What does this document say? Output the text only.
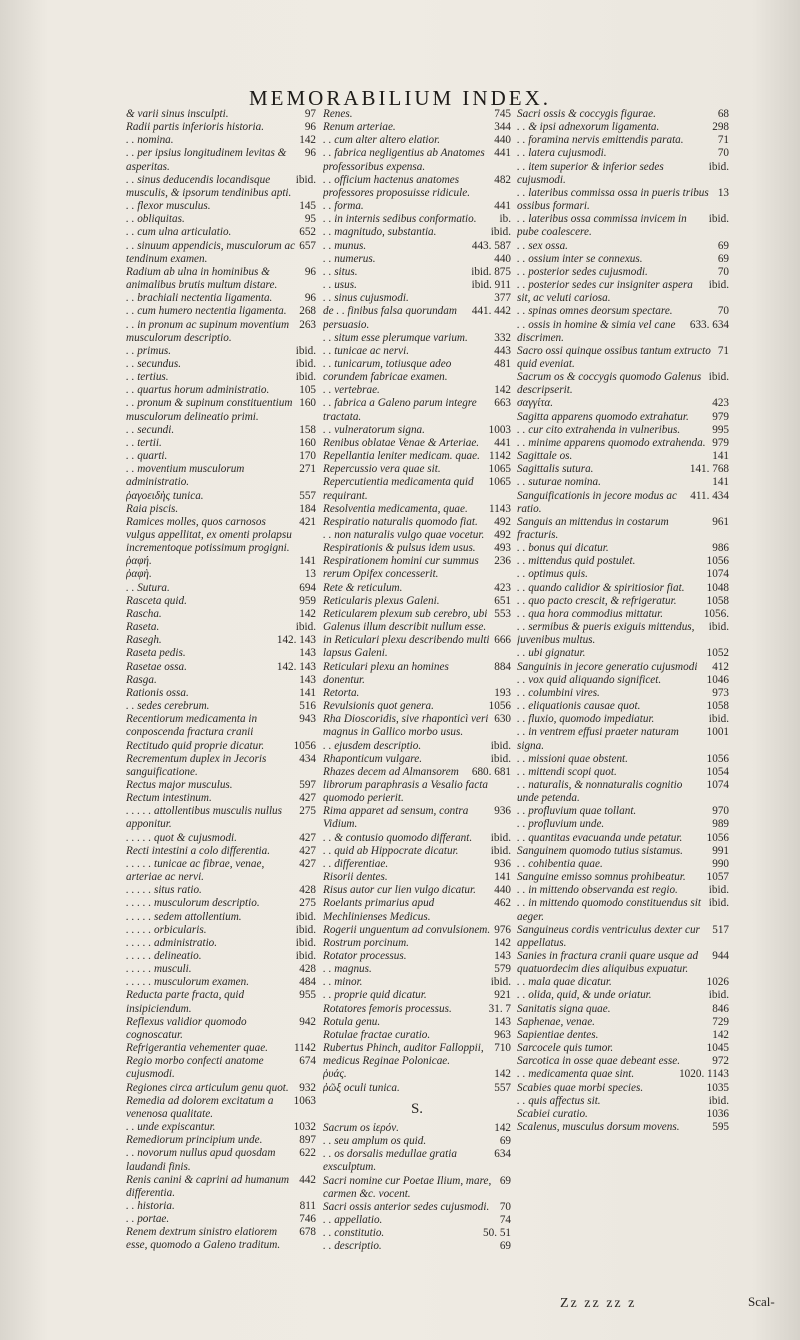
MEMORABILIUM INDEX.
97
& varii sinus insculpti.
96
Radii partis inferioris historia.
142
. . nomina.
96
. . per ipsius longitudinem levitas & asperitas.
ibid.
. . sinus deducendis locandisque musculis, & ipsorum tendinibus apti.
145
. . flexor musculus.
95
. . obliquitas.
652
. . cum ulna articulatio.
657
. . sinuum appendicis, musculorum ac tendinum examen.
96
Radium ab ulna in hominibus & animalibus brutis multum distare.
96
. . brachiali nectentia ligamenta.
268
. . cum humero nectentia ligamenta.
263
. . in pronum ac supinum moventium musculorum descriptio.
ibid.
. . primus.
ibid.
. . secundus.
ibid.
. . tertius.
105
. . quartus horum administratio.
160
. . pronum & supinum constituentium musculorum delineatio primi.
158
. . secundi.
160
. . tertii.
170
. . quarti.
271
. . moventium musculorum administratio.
557
ῥαγοειδὴς tunica.
184
Raia piscis.
421
Ramices molles, quos carnosos vulgus appellitat, ex omenti prolapsu incrementoque potissimum progigni.
141
ῥαφή.
13
ῥαφὴ.
694
. . Sutura.
959
Rasceta quid.
142
Rascha.
ibid.
Raseta.
142. 143
Rasegh.
143
Raseta pedis.
142. 143
Rasetae ossa.
143
Rasga.
141
Rationis ossa.
516
. . sedes cerebrum.
943
Recentiorum medicamenta in conposcenda fractura cranii
1056
Rectitudo quid proprie dicatur.
434
Recrementum duplex in Jecoris sanguificatione.
597
Rectus major musculus.
427
Rectum intestinum.
275
. . . . . attollentibus musculis nullus apponitur.
427
. . . . . quot & cujusmodi.
427
Recti intestini a colo differentia.
427
. . . . . tunicae ac fibrae, venae, arteriae ac nervi.
428
. . . . . situs ratio.
275
. . . . . musculorum descriptio.
ibid.
. . . . . sedem attollentium.
ibid.
. . . . . orbicularis.
ibid.
. . . . . administratio.
ibid.
. . . . . delineatio.
428
. . . . . musculi.
484
. . . . . musculorum examen.
955
Reducta parte fracta, quid insipiciendum.
942
Reflexus validior quomodo cognoscatur.
1142
Refrigerantia vehementer quae.
674
Regio morbo confecti anatome cujusmodi.
932
Regiones circa articulum genu quot.
1063
Remedia ad dolorem excitatum a venenosa qualitate.
1032
. . unde expiscantur.
897
Remediorum principium unde.
622
. . novorum nullus apud quosdam laudandi finis.
442
Renis canini & caprini ad humanum differentia.
811
. . historia.
746
. . portae.
678
Renem dextrum sinistro elatiorem esse, quomodo a Galeno traditum.
745
Renes.
344
Renum arteriae.
440
. . cum alter altero elatior.
441
. . fabrica negligentius ab Anatomes professoribus expensa.
482
. . officium hactenus anatomes professores proposuisse ridicule.
441
. . forma.
ib.
. . in internis sedibus conformatio.
ibid.
. . magnitudo, substantia.
443. 587
. . munus.
440
. . numerus.
ibid. 875
. . situs.
ibid. 911
. . usus.
377
. . sinus cujusmodi.
441. 442
de . . finibus falsa quorundam persuasio.
332
. . situm esse plerumque varium.
443
. . tunicae ac nervi.
481
. . tunicarum, totiusque adeo corundem fabricae examen.
142
. . vertebrae.
663
. . fabrica a Galeno parum integre tractata.
1003
. . vulneratorum signa.
441
Renibus oblatae Venae & Arteriae.
1142
Repellantia leniter medicam. quae.
1065
Repercussio vera quae sit.
1065
Repercutientia medicamenta quid requirant.
1143
Resolventia medicamenta, quae.
492
Respiratio naturalis quomodo fiat.
492
. . non naturalis vulgo quae vocetur.
493
Respirationis & pulsus idem usus.
236
Respirationem homini cur summus rerum Opifex concesserit.
423
Rete & reticulum.
651
Reticularis plexus Galeni.
553
Reticularem plexum sub cerebro, ubi Galenus illum describit nullum esse.
666
in Reticulari plexu describendo multi lapsus Galeni.
884
Reticulari plexu an homines donentur.
193
Retorta.
1056
Revulsionis quot genera.
630
Rha Dioscoridis, sive rhaponticì veri magnus in Gallico morbo usus.
ibid.
. . ejusdem descriptio.
ibid.
Rhaponticum vulgare.
680. 681
Rhazes decem ad Almansorem librorum paraphrasis a Vesalio facta quomodo perierit.
936
Rima apparet ad sensum, contra Vidium.
ibid.
. . & contusio quomodo differant.
ibid.
. . quid ab Hippocrate dicatur.
936
. . differentiae.
141
Risorii dentes.
440
Risus autor cur lien vulgo dicatur.
462
Roelants primarius apud Mechlinienses Medicus.
976
Rogerii unguentum ad convulsionem.
142
Rostrum porcinum.
143
Rotator processus.
579
. . magnus.
ibid.
. . minor.
921
. . proprie quid dicatur.
31. 7
Rotatores femoris processus.
143
Rotula genu.
963
Rotulae fractae curatio.
710
Rubertus Phinch, auditor Falloppii, medicus Reginae Polonicae.
142
ῥυάς.
557
ῥῶξ oculi tunica.
S.
142
Sacrum os ἱερόν.
69
. . seu amplum os quid.
634
. . os dorsalis medullae gratia exsculptum.
69
Sacri nomine cur Poetae Ilium, mare, carmen &c. vocent.
70
Sacri ossis anterior sedes cujusmodi.
74
. . appellatio.
50. 51
. . constitutio.
69
. . descriptio.
68
Sacri ossis & coccygis figurae.
298
. . & ipsi adnexorum ligamenta.
71
. . foramina nervis emittendis parata.
70
. . latera cujusmodi.
ibid.
. . item superior & inferior sedes cujusmodi.
13
. . lateribus commissa ossa in pueris tribus ossibus formari.
ibid.
. . lateribus ossa commissa invicem in pube coalescere.
69
. . sex ossa.
69
. . ossium inter se connexus.
70
. . posterior sedes cujusmodi.
ibid.
. . posterior sedes cur insigniter aspera sit, ac veluti cariosa.
70
. . spinas omnes deorsum spectare.
633. 634
. . ossis in homine & simia vel cane discrimen.
71
Sacro ossi quinque ossibus tantum extructo quid eveniat.
ibid.
Sacrum os & coccygis quomodo Galenus descripserit.
423
σαγγίτα.
979
Sagitta apparens quomodo extrahatur.
995
. . cur cito extrahenda in vulneribus.
979
. . minime apparens quomodo extrahenda.
141
Sagittale os.
141. 768
Sagittalis sutura.
141
. . suturae nomina.
411. 434
Sanguificationis in jecore modus ac ratio.
961
Sanguis an mittendus in costarum fracturis.
986
. . bonus qui dicatur.
1056
. . mittendus quid postulet.
1074
. . optimus quis.
1048
. . quando calidior & spiritiosior fiat.
1058
. . quo pacto crescit, & refrigeratur.
1056.
. . qua hora commodius mittatur.
ibid.
. . sermibus & pueris exiguis mittendus, juvenibus multus.
1052
. . ubi gignatur.
412
Sanguinis in jecore generatio cujusmodi
1046
. . vox quid aliquando significet.
973
. . columbini vires.
1058
. . eliquationis causae quot.
ibid.
. . fluxio, quomodo impediatur.
1001
. . in ventrem effusi praeter naturam signa.
1056
. . missioni quae obstent.
1054
. . mittendi scopi quot.
1074
. . naturalis, & nonnaturalis cognitio unde petenda.
970
. . profluvium quae tollant.
989
. . profluvium unde.
1056
. . quantitas evacuanda unde petatur.
991
Sanguinem quomodo tutius sistamus.
990
. . cohibentia quae.
1057
Sanguine emisso somnus prohibeatur.
ibid.
. . in mittendo observanda est regio.
ibid.
. . in mittendo quomodo constituendus sit aeger.
517
Sanguineus cordis ventriculus dexter cur appellatus.
944
Sanies in fractura cranii quare usque ad quatuordecim dies aliquibus expuatur.
1026
. . mala quae dicatur.
ibid.
. . olida, quid, & unde oriatur.
846
Sanitatis signa quae.
729
Saphenae, venae.
142
Sapientiae dentes.
1045
Sarcocele quis tumor.
972
Sarcotica in osse quae debeant esse.
1020. 1143
. . medicamenta quae sint.
1035
Scabies quae morbi species.
ibid.
. . quis affectus sit.
1036
Scabiei curatio.
595
Scalenus, musculus dorsum movens.
Zz zz zz z	Scal-
